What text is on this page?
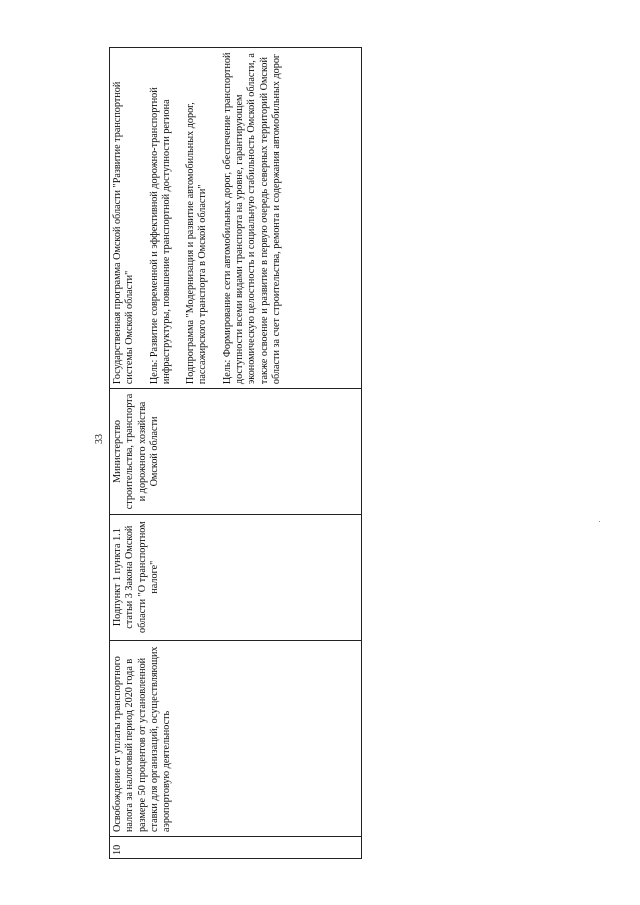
33
10
Освобождение от уплаты транспортного налога за налоговый период 2020 года в размере 50 процентов от установленной ставки для организаций, осуществляющих аэропортовую деятельность
Подпункт 1 пункта 1.1 статьи 3 Закона Омской области "О транспортном налоге"
Министерство строительства, транспорта и дорожного хозяйства Омской области
Государственная программа Омской области "Развитие транспортной системы Омской области" Цель: Развитие современной и эффективной дорожно-транспортной инфраструктуры, повышение транспортной доступности региона Подпрограмма "Модернизация и развитие автомобильных дорог, пассажирского транспорта в Омской области" Цель: Формирование сети автомобильных дорог, обеспечение транспортной доступности всеми видами транспорта на уровне, гарантирующем экономическую целостность и социальную стабильность Омской области, а также освоение и развитие в первую очередь северных территорий Омской области за счет строительства, ремонта и содержания автомобильных дорог
